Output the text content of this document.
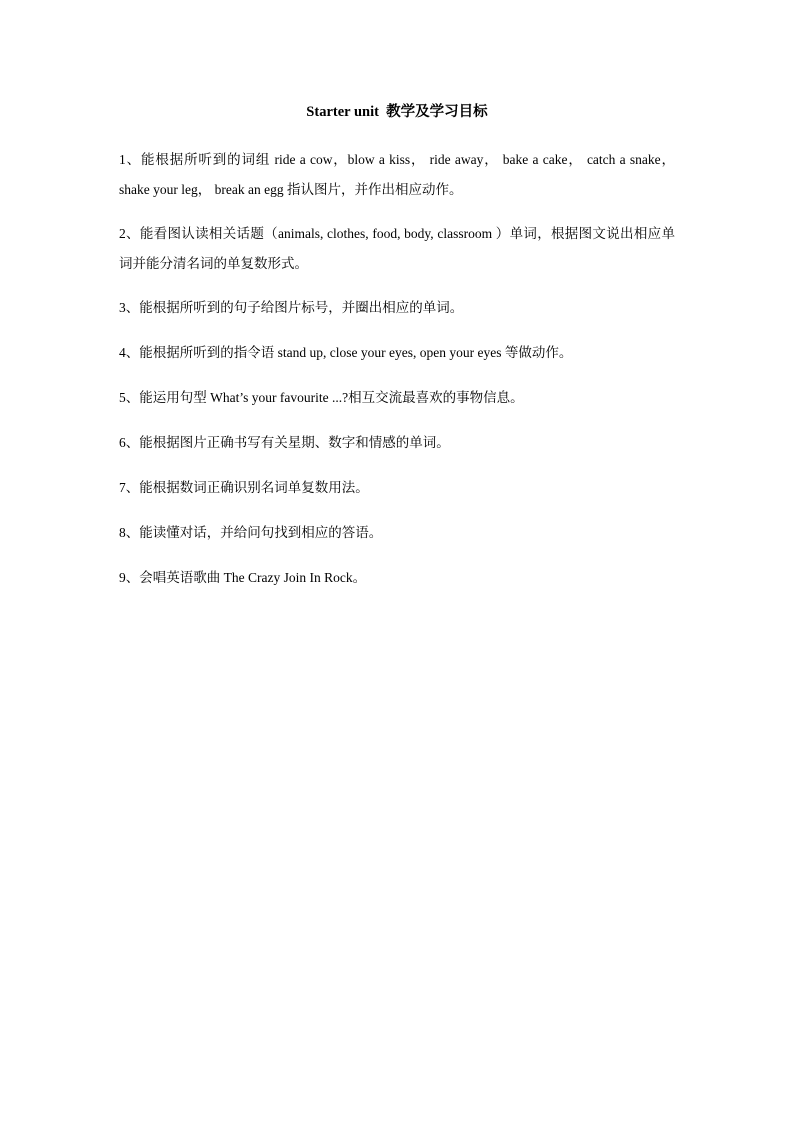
Starter unit  教学及学习目标
1、能根据所听到的词组 ride a cow，blow a kiss， ride away， bake a cake， catch a snake， shake your leg， break an egg 指认图片，并作出相应动作。
2、能看图认读相关话题（animals, clothes, food, body, classroom ）单词，根据图文说出相应单词并能分清名词的单复数形式。
3、能根据所听到的句子给图片标号，并圈出相应的单词。
4、能根据所听到的指令语 stand up, close your eyes, open your eyes 等做动作。
5、能运用句型 What’s your favourite ...?相互交流最喜欢的事物信息。
6、能根据图片正确书写有关星期、数字和情感的单词。
7、能根据数词正确识别名词单复数用法。
8、能读懂对话，并给问句找到相应的答语。
9、会唱英语歌曲 The Crazy Join In Rock。
